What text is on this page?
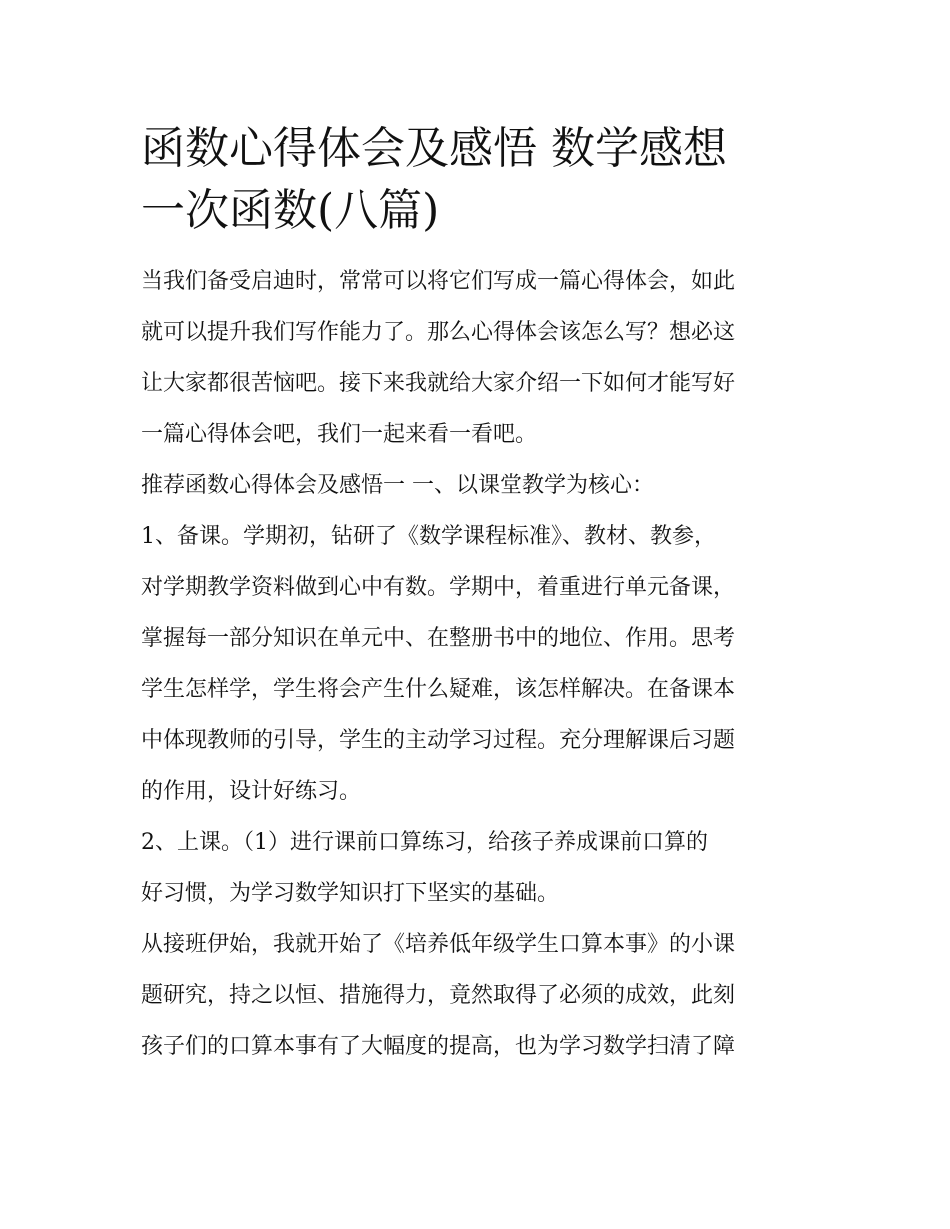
函数心得体会及感悟 数学感想
一次函数(八篇)

当我们备受启迪时，常常可以将它们写成一篇心得体会，如此
就可以提升我们写作能力了。那么心得体会该怎么写？想必这
让大家都很苦恼吧。接下来我就给大家介绍一下如何才能写好
一篇心得体会吧，我们一起来看一看吧。

推荐函数心得体会及感悟一 一、以课堂教学为核心：

1、备课。学期初，钻研了《数学课程标准》、教材、教参，
对学期教学资料做到心中有数。学期中，着重进行单元备课，
掌握每一部分知识在单元中、在整册书中的地位、作用。思考
学生怎样学，学生将会产生什么疑难，该怎样解决。在备课本
中体现教师的引导，学生的主动学习过程。充分理解课后习题
的作用，设计好练习。

2、上课。（1）进行课前口算练习，给孩子养成课前口算的
好习惯，为学习数学知识打下坚实的基础。

从接班伊始，我就开始了《培养低年级学生口算本事》的小课
题研究，持之以恒、措施得力，竟然取得了必须的成效，此刻
孩子们的口算本事有了大幅度的提高，也为学习数学扫清了障
